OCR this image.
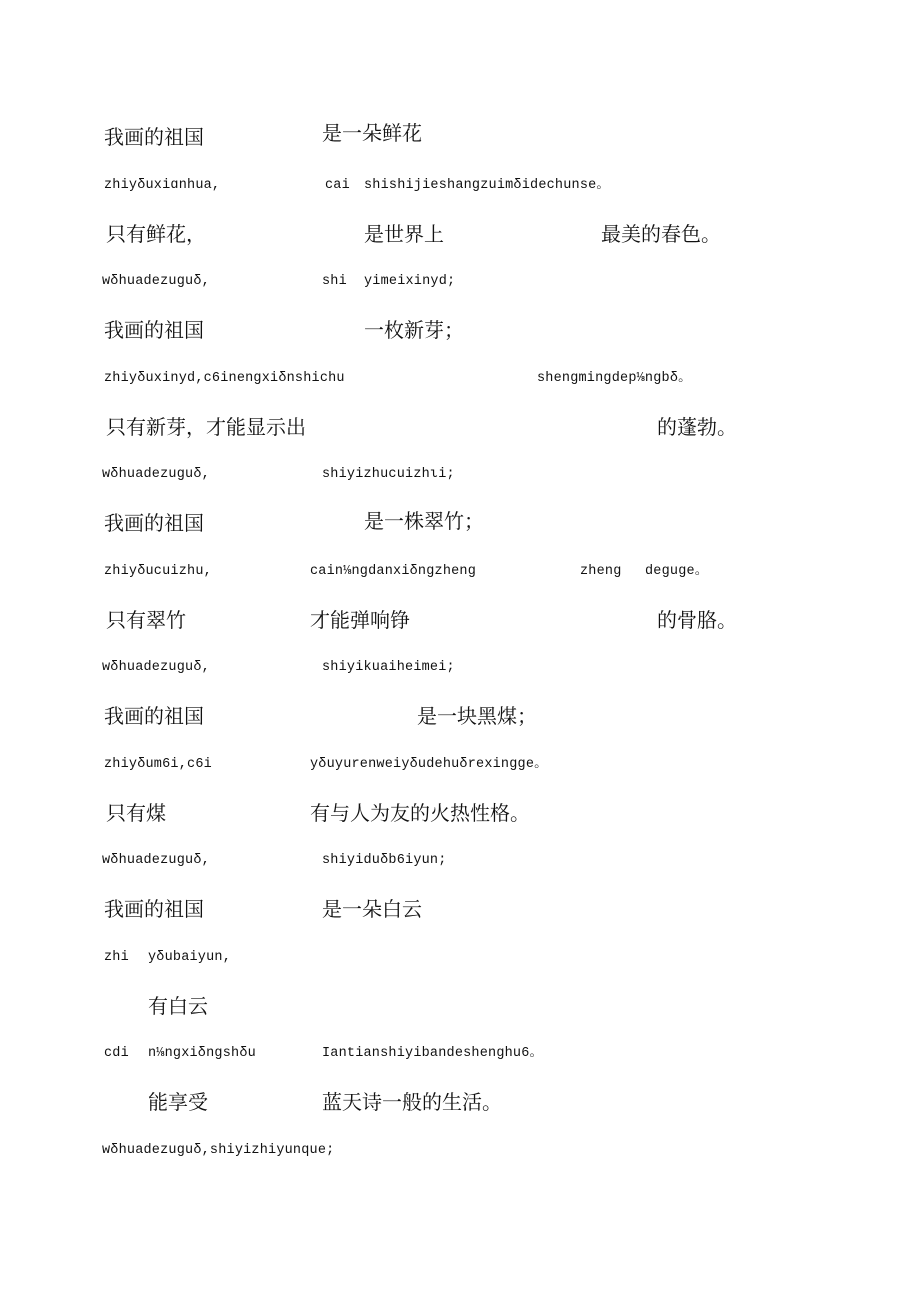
我画的祖国	是一朵鲜花
zhiyδuxiɑnhua,	cai shishijieshangzuimδidechunse。
只有鲜花，	是世界上	最美的春色。
wδhuadezuguδ,	shi yimeixinyd;
我画的祖国	一枚新芽；
zhiyδuxinyd,c6inengxiδnshichu	shengmingdep⅛ngbδ。
只有新芽，才能显示出	的蓬勃。
wδhuadezuguδ,	shiyizhucuizhιi;
我画的祖国	是一株翠竹；
zhiyδucuizhu,	cain⅛ngdanxiδngzheng	zheng deguge。
只有翠竹	才能弹响铮	的骨胳。
wδhuadezuguδ,	shiyikuaiheimei;
我画的祖国	是一块黑煤；
zhiyδum6i,c6i	yδuyurenweiyδudehuδrexingge。
只有煤	有与人为友的火热性格。
wδhuadezuguδ,	shiyiduδb6iyun;
我画的祖国	是一朵白云
zhi yδubaiyun,
有白云
cdi n⅛ngxiδngshδu	Iantianshiyibandeshenghu6。
能享受	蓝天诗一般的生活。
wδhuadezuguδ,shiyizhiyunque;
